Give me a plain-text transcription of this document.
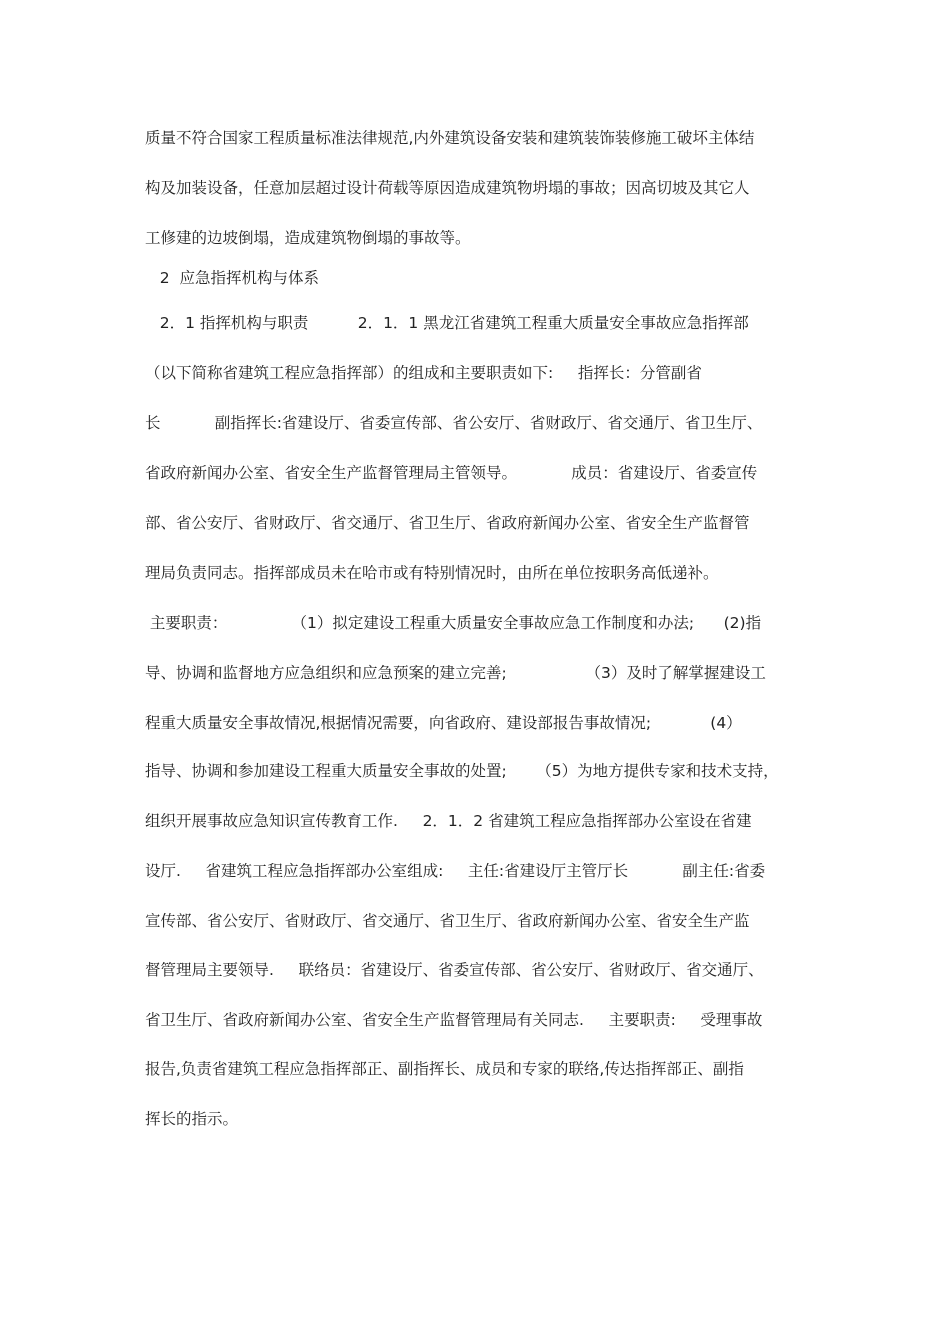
质量不符合国家工程质量标准法律规范,内外建筑设备安装和建筑装饰装修施工破坏主体结
构及加装设备，任意加层超过设计荷载等原因造成建筑物坍塌的事故；因高切坡及其它人
工修建的边坡倒塌，造成建筑物倒塌的事故等。
2  应急指挥机构与体系
2．1 指挥机构与职责          2．1．1 黑龙江省建筑工程重大质量安全事故应急指挥部
（以下简称省建筑工程应急指挥部）的组成和主要职责如下:     指挥长：分管副省
长           副指挥长:省建设厅、省委宣传部、省公安厅、省财政厅、省交通厅、省卫生厅、
省政府新闻办公室、省安全生产监督管理局主管领导。           成员：省建设厅、省委宣传
部、省公安厅、省财政厅、省交通厅、省卫生厅、省政府新闻办公室、省安全生产监督管
理局负责同志。指挥部成员未在哈市或有特别情况时，由所在单位按职务高低递补。
主要职责：             （1）拟定建设工程重大质量安全事故应急工作制度和办法;      (2)指
导、协调和监督地方应急组织和应急预案的建立完善;                （3）及时了解掌握建设工
程重大质量安全事故情况,根据情况需要，向省政府、建设部报告事故情况;            (4）
指导、协调和参加建设工程重大质量安全事故的处置;      （5）为地方提供专家和技术支持，
组织开展事故应急知识宣传教育工作.     2．1．2 省建筑工程应急指挥部办公室设在省建
设厅.     省建筑工程应急指挥部办公室组成:     主任:省建设厅主管厅长           副主任:省委
宣传部、省公安厅、省财政厅、省交通厅、省卫生厅、省政府新闻办公室、省安全生产监
督管理局主要领导.     联络员：省建设厅、省委宣传部、省公安厅、省财政厅、省交通厅、
省卫生厅、省政府新闻办公室、省安全生产监督管理局有关同志.     主要职责:     受理事故
报告,负责省建筑工程应急指挥部正、副指挥长、成员和专家的联络,传达指挥部正、副指
挥长的指示。
